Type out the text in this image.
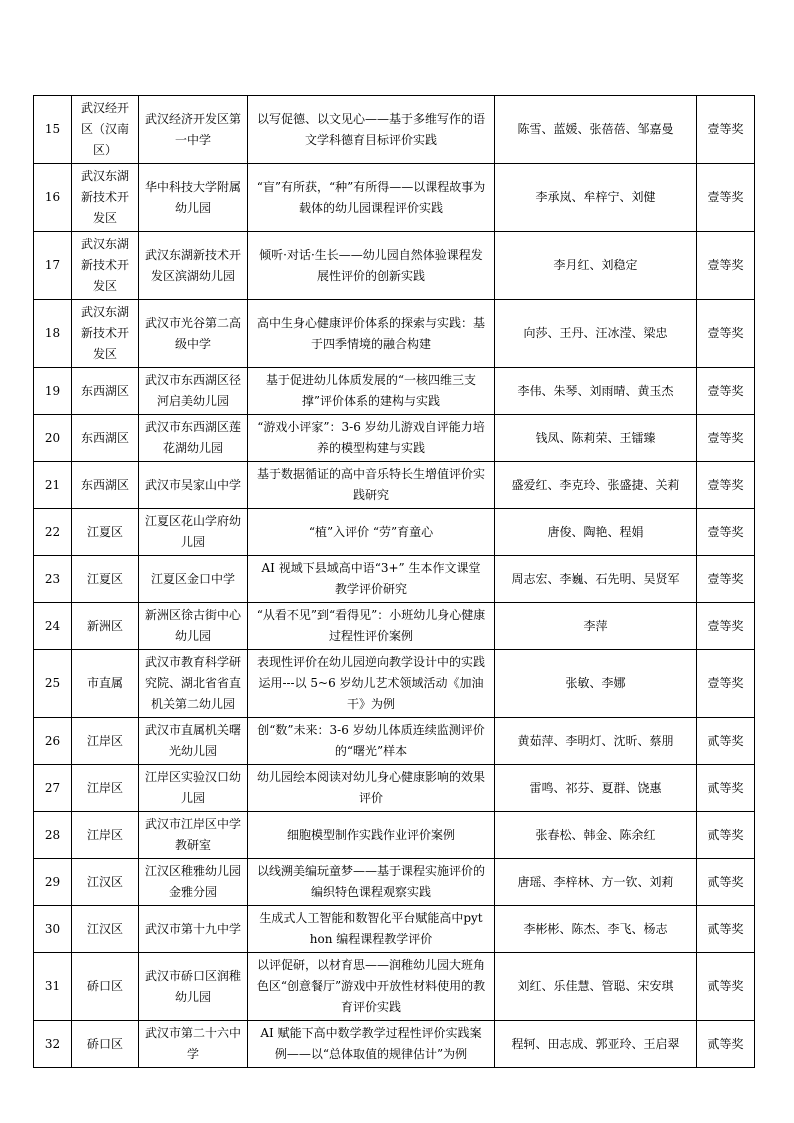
15	武汉经开区（汉南区）	武汉经济开发区第一中学	以写促德、以文见心——基于多维写作的语文学科德育目标评价实践	陈雪、蓝媛、张蓓蓓、邹嘉曼	壹等奖
16	武汉东湖新技术开发区	华中科技大学附属幼儿园	“盲”有所获，“种”有所得——以课程故事为载体的幼儿园课程评价实践	李承岚、牟梓宁、刘健	壹等奖
17	武汉东湖新技术开发区	武汉东湖新技术开发区滨湖幼儿园	倾听·对话·生长——幼儿园自然体验课程发展性评价的创新实践	李月红、刘稳定	壹等奖
18	武汉东湖新技术开发区	武汉市光谷第二高级中学	高中生身心健康评价体系的探索与实践：基于四季情境的融合构建	向莎、王丹、汪冰滢、梁忠	壹等奖
19	东西湖区	武汉市东西湖区径河启美幼儿园	基于促进幼儿体质发展的“一核四维三支撑”评价体系的建构与实践	李伟、朱琴、刘雨晴、黄玉杰	壹等奖
20	东西湖区	武汉市东西湖区莲花湖幼儿园	“游戏小评家”：3-6 岁幼儿游戏自评能力培养的模型构建与实践	钱凤、陈莉荣、王镭臻	壹等奖
21	东西湖区	武汉市吴家山中学	基于数据循证的高中音乐特长生增值评价实践研究	盛爱红、李克玲、张盛捷、关莉	壹等奖
22	江夏区	江夏区花山学府幼儿园	“植”入评价 “劳”育童心	唐俊、陶艳、程娟	壹等奖
23	江夏区	江夏区金口中学	AI 视域下县域高中语“3+” 生本作文课堂教学评价研究	周志宏、李巍、石先明、吴贤军	壹等奖
24	新洲区	新洲区徐古街中心幼儿园	“从看不见”到“看得见”：小班幼儿身心健康过程性评价案例	李萍	壹等奖
25	市直属	武汉市教育科学研究院、湖北省省直机关第二幼儿园	表现性评价在幼儿园逆向教学设计中的实践运用---以 5~6 岁幼儿艺术领域活动《加油干》为例	张敏、李娜	壹等奖
26	江岸区	武汉市直属机关曙光幼儿园	创“数”未来：3-6 岁幼儿体质连续监测评价的“曙光”样本	黄茹萍、李明灯、沈昕、蔡朋	贰等奖
27	江岸区	江岸区实验汉口幼儿园	幼儿园绘本阅读对幼儿身心健康影响的效果评价	雷鸣、祁芬、夏群、饶惠	贰等奖
28	江岸区	武汉市江岸区中学教研室	细胞模型制作实践作业评价案例	张春松、韩金、陈余红	贰等奖
29	江汉区	江汉区稚雅幼儿园金雅分园	以线溯美编玩童梦——基于课程实施评价的编织特色课程观察实践	唐瑶、李梓林、方一钦、刘莉	贰等奖
30	江汉区	武汉市第十九中学	生成式人工智能和数智化平台赋能高中python 编程课程教学评价	李彬彬、陈杰、李飞、杨志	贰等奖
31	硚口区	武汉市硚口区润稚幼儿园	以评促研，以材育思——润稚幼儿园大班角色区“创意餐厅”游戏中开放性材料使用的教育评价实践	刘红、乐佳慧、管聪、宋安琪	贰等奖
32	硚口区	武汉市第二十六中学	AI 赋能下高中数学教学过程性评价实践案例——以“总体取值的规律估计”为例	程轲、田志成、郭亚玲、王启翠	贰等奖
